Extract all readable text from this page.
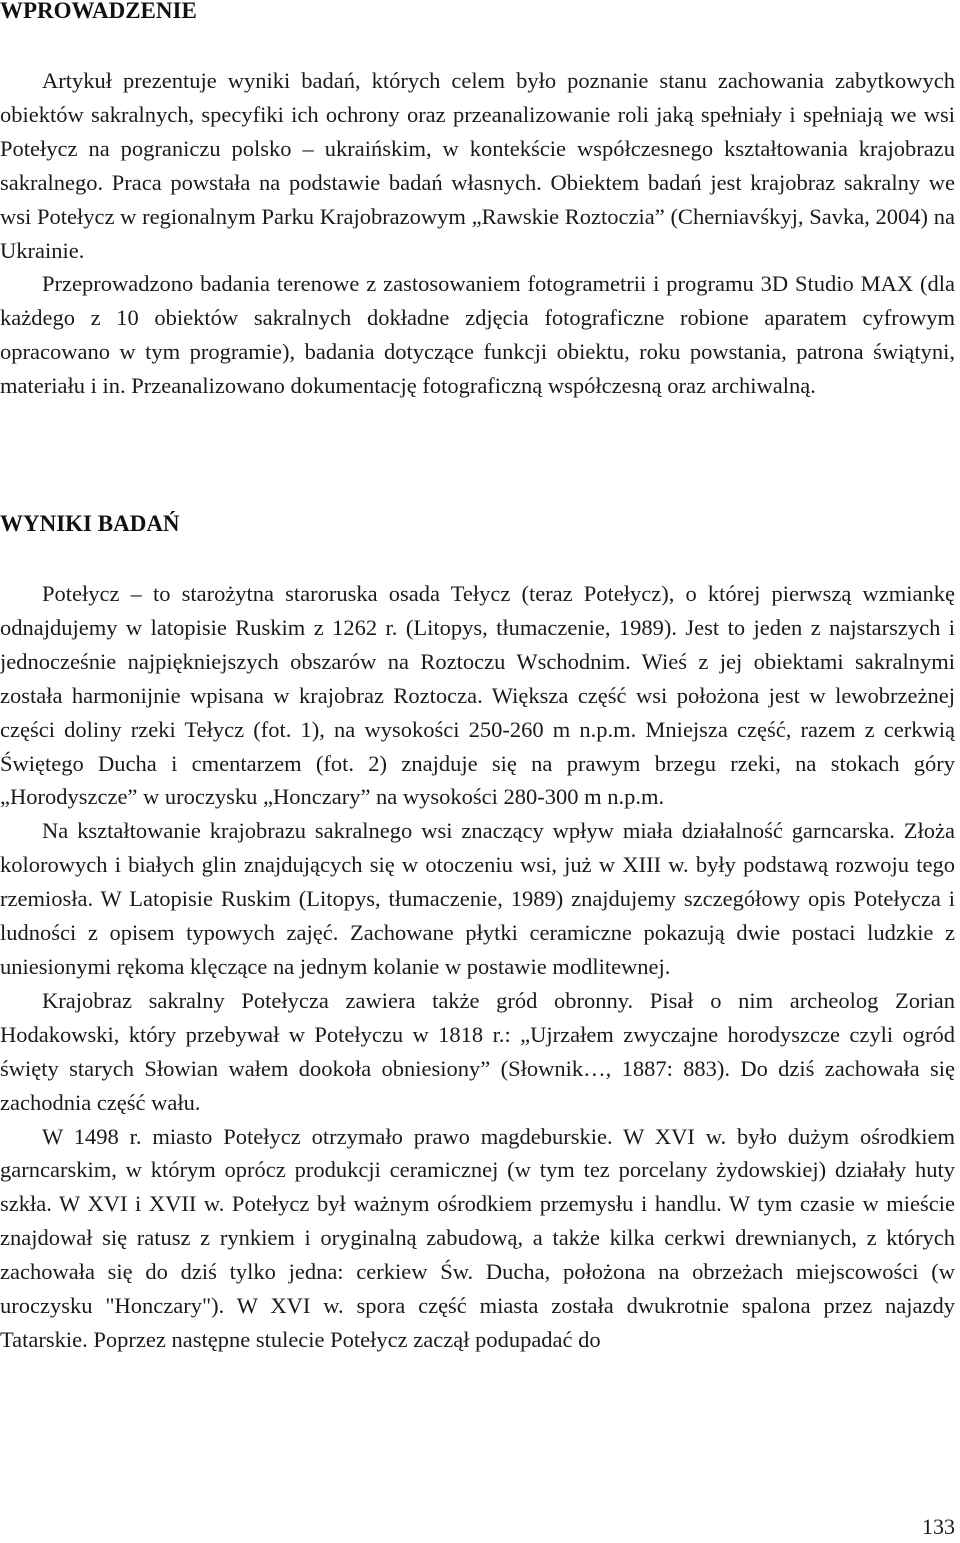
WPROWADZENIE

Artykuł prezentuje wyniki badań, których celem było poznanie stanu zachowania zabytkowych obiektów sakralnych, specyfiki ich ochrony oraz przeanalizowanie roli jaką spełniały i spełniają we wsi Potełycz na pograniczu polsko – ukraińskim, w kontekście współczesnego kształtowania krajobrazu sakralnego. Praca powstała na podstawie badań własnych. Obiektem badań jest krajobraz sakralny we wsi Potełycz w regionalnym Parku Krajobrazowym „Rawskie Roztoczia” (Cherniavśkyj, Savka, 2004) na Ukrainie.

Przeprowadzono badania terenowe z zastosowaniem fotogrametrii i programu 3D Studio MAX (dla każdego z 10 obiektów sakralnych dokładne zdjęcia fotograficzne robione aparatem cyfrowym opracowano w tym programie), badania dotyczące funkcji obiektu, roku powstania, patrona świątyni, materiału i in. Przeanalizowano dokumentację fotograficzną współczesną oraz archiwalną.

WYNIKI BADAŃ

Potełycz – to starożytna staroruska osada Tełycz (teraz Potełycz), o której pierwszą wzmiankę odnajdujemy w latopisie Ruskim z 1262 r. (Litopys, tłumaczenie, 1989). Jest to jeden z najstarszych i jednocześnie najpiękniejszych obszarów na Roztoczu Wschodnim. Wieś z jej obiektami sakralnymi została harmonijnie wpisana w krajobraz Roztocza. Większa część wsi położona jest w lewobrzeżnej części doliny rzeki Tełycz (fot. 1), na wysokości 250-260 m n.p.m. Mniejsza część, razem z cerkwią Świętego Ducha i cmentarzem (fot. 2) znajduje się na prawym brzegu rzeki, na stokach góry „Horodyszcze” w uroczysku „Honczary” na wysokości 280-300 m n.p.m.

Na kształtowanie krajobrazu sakralnego wsi znaczący wpływ miała działalność garncarska. Złoża kolorowych i białych glin znajdujących się w otoczeniu wsi, już w XIII w. były podstawą rozwoju tego rzemiosła. W Latopisie Ruskim (Litopys, tłumaczenie, 1989) znajdujemy szczegółowy opis Potełycza i ludności z opisem typowych zajęć. Zachowane płytki ceramiczne pokazują dwie postaci ludzkie z uniesionymi rękoma klęczące na jednym kolanie w postawie modlitewnej.

Krajobraz sakralny Potełycza zawiera także gród obronny. Pisał o nim archeolog Zorian Hodakowski, który przebywał w Potełyczu w 1818 r.: „Ujrzałem zwyczajne horodyszcze czyli ogród święty starych Słowian wałem dookoła obniesiony” (Słownik…, 1887: 883). Do dziś zachowała się zachodnia część wału.

W 1498 r. miasto Potełycz otrzymało prawo magdeburskie. W XVI w. było dużym ośrodkiem garncarskim, w którym oprócz produkcji ceramicznej (w tym tez porcelany żydowskiej) działały huty szkła. W XVI i XVII w. Potełycz był ważnym ośrodkiem przemysłu i handlu. W tym czasie w mieście znajdował się ratusz z rynkiem i oryginalną zabudową, a także kilka cerkwi drewnianych, z których zachowała się do dziś tylko jedna: cerkiew Św. Ducha, położona na obrzeżach miejscowości (w uroczysku "Honczary"). W XVI w. spora część miasta została dwukrotnie spalona przez najazdy Tatarskie. Poprzez następne stulecie Potełycz zaczął podupadać do

133
